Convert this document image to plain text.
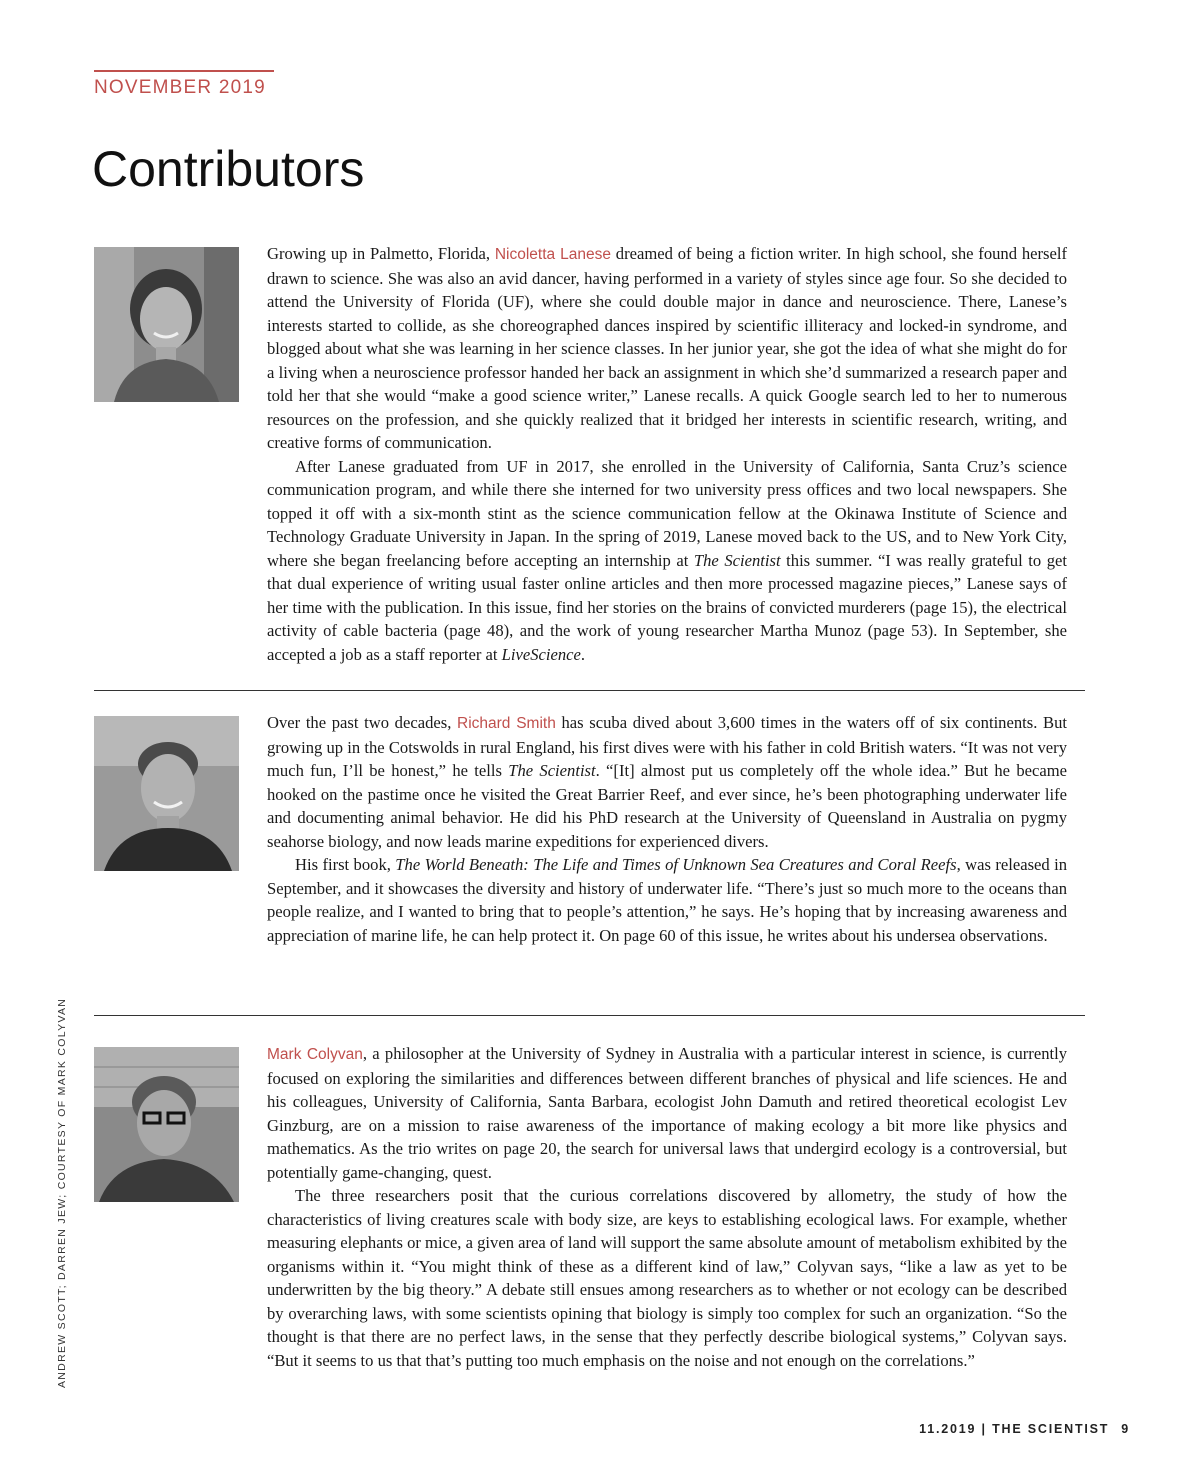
NOVEMBER 2019
Contributors

Growing up in Palmetto, Florida, Nicoletta Lanese dreamed of being a fiction writer. In high school, she found herself drawn to science. She was also an avid dancer, having performed in a variety of styles since age four. So she decided to attend the University of Florida (UF), where she could double major in dance and neuroscience. There, Lanese’s interests started to collide, as she choreographed dances inspired by scientific illiteracy and locked-in syndrome, and blogged about what she was learning in her science classes. In her junior year, she got the idea of what she might do for a living when a neuroscience professor handed her back an assignment in which she’d summarized a research paper and told her that she would “make a good science writer,” Lanese recalls. A quick Google search led to her to numerous resources on the profession, and she quickly realized that it bridged her interests in scientific research, writing, and creative forms of communication.

After Lanese graduated from UF in 2017, she enrolled in the University of California, Santa Cruz’s science communication program, and while there she interned for two university press offices and two local newspapers. She topped it off with a six-month stint as the science communication fellow at the Okinawa Institute of Science and Technology Graduate University in Japan. In the spring of 2019, Lanese moved back to the US, and to New York City, where she began freelancing before accepting an internship at The Scientist this summer. “I was really grateful to get that dual experience of writing usual faster online articles and then more processed magazine pieces,” Lanese says of her time with the publication. In this issue, find her stories on the brains of convicted murderers (page 15), the electrical activity of cable bacteria (page 48), and the work of young researcher Martha Munoz (page 53). In September, she accepted a job as a staff reporter at LiveScience.

Over the past two decades, Richard Smith has scuba dived about 3,600 times in the waters off of six continents. But growing up in the Cotswolds in rural England, his first dives were with his father in cold British waters. “It was not very much fun, I’ll be honest,” he tells The Scientist. “[It] almost put us completely off the whole idea.” But he became hooked on the pastime once he visited the Great Barrier Reef, and ever since, he’s been photographing underwater life and documenting animal behavior. He did his PhD research at the University of Queensland in Australia on pygmy seahorse biology, and now leads marine expeditions for experienced divers.

His first book, The World Beneath: The Life and Times of Unknown Sea Creatures and Coral Reefs, was released in September, and it showcases the diversity and history of underwater life. “There’s just so much more to the oceans than people realize, and I wanted to bring that to people’s attention,” he says. He’s hoping that by increasing awareness and appreciation of marine life, he can help protect it. On page 60 of this issue, he writes about his undersea observations.

Mark Colyvan, a philosopher at the University of Sydney in Australia with a particular interest in science, is currently focused on exploring the similarities and differences between different branches of physical and life sciences. He and his colleagues, University of California, Santa Barbara, ecologist John Damuth and retired theoretical ecologist Lev Ginzburg, are on a mission to raise awareness of the importance of making ecology a bit more like physics and mathematics. As the trio writes on page 20, the search for universal laws that undergird ecology is a controversial, but potentially game-changing, quest.

The three researchers posit that the curious correlations discovered by allometry, the study of how the characteristics of living creatures scale with body size, are keys to establishing ecological laws. For example, whether measuring elephants or mice, a given area of land will support the same absolute amount of metabolism exhibited by the organisms within it. “You might think of these as a different kind of law,” Colyvan says, “like a law as yet to be underwritten by the big theory.” A debate still ensues among researchers as to whether or not ecology can be described by overarching laws, with some scientists opining that biology is simply too complex for such an organization. “So the thought is that there are no perfect laws, in the sense that they perfectly describe biological systems,” Colyvan says. “But it seems to us that that’s putting too much emphasis on the noise and not enough on the correlations.”

ANDREW SCOTT; DARREN JEW; COURTESY OF MARK COLYVAN
11.2019 | THE SCIENTIST 9
